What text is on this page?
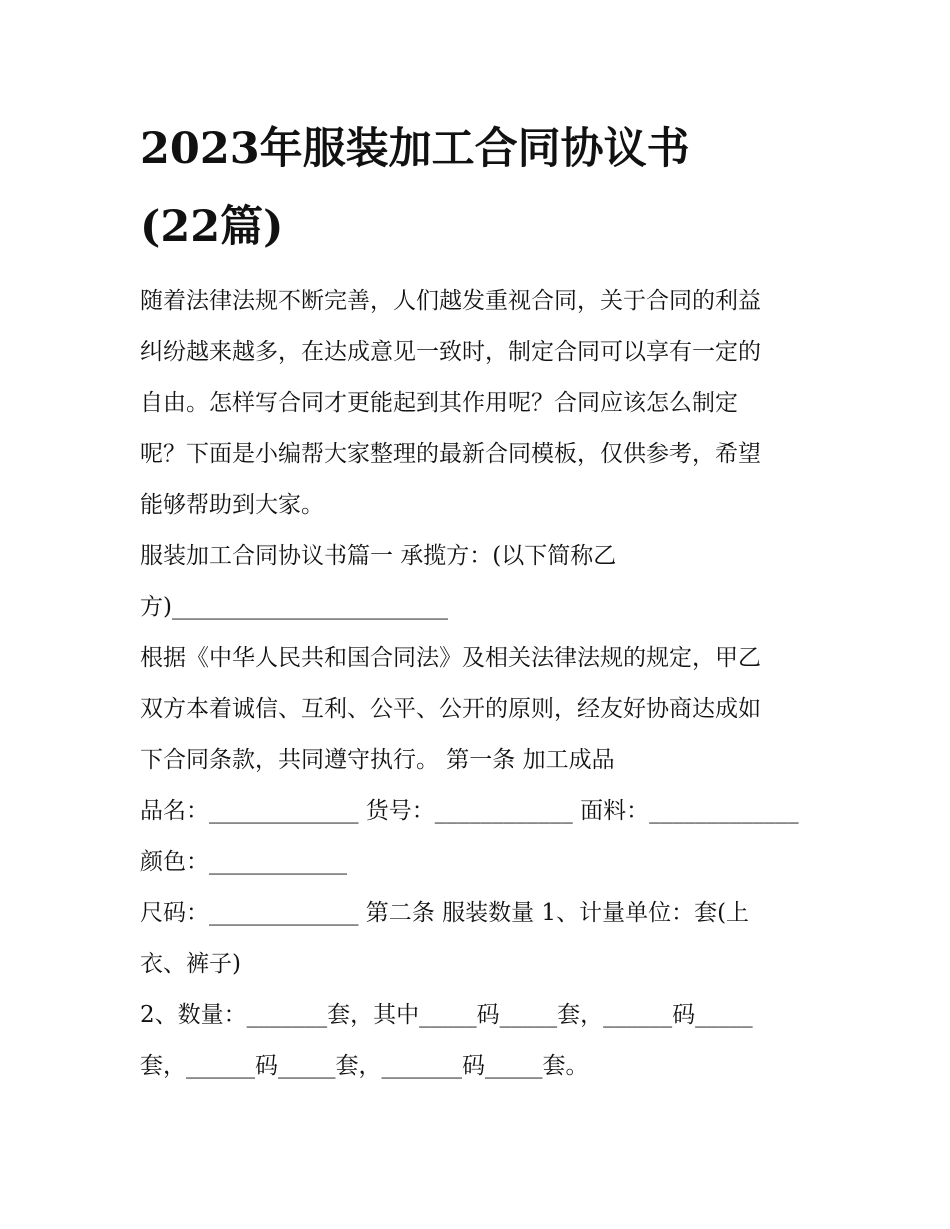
2023年服装加工合同协议书
(22篇)
随着法律法规不断完善，人们越发重视合同，关于合同的利益
纠纷越来越多，在达成意见一致时，制定合同可以享有一定的
自由。怎样写合同才更能起到其作用呢？合同应该怎么制定
呢？下面是小编帮大家整理的最新合同模板，仅供参考，希望
能够帮助到大家。
服装加工合同协议书篇一 承揽方：(以下简称乙
方)________________________
根据《中华人民共和国合同法》及相关法律法规的规定，甲乙
双方本着诚信、互利、公平、公开的原则，经友好协商达成如
下合同条款，共同遵守执行。 第一条 加工成品
品名：_____________ 货号：____________ 面料：_____________
颜色：____________
尺码：_____________ 第二条 服装数量 1、计量单位：套(上
衣、裤子)
2、数量：_______套，其中_____码_____套，______码_____
套，______码_____套，_______码_____套。
